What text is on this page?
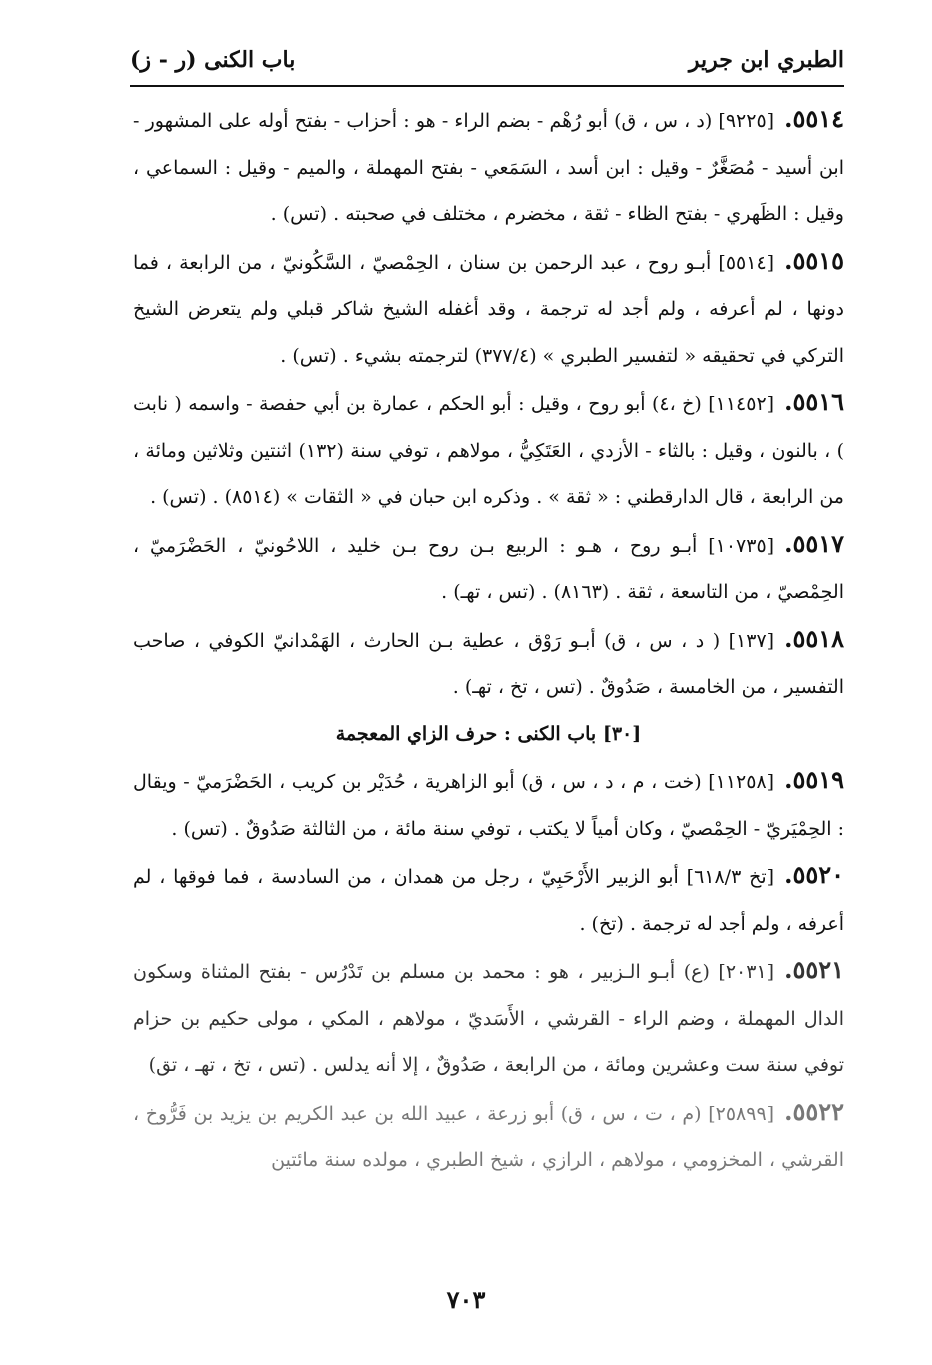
الطبري ابن جرير
باب الكنى (ر - ز)

٥٥١٤.[٩٢٢٥] (د ، س ، ق) أبو رُهْم - بضم الراء - هو : أحزاب - بفتح أوله على المشهور - ابن أسيد - مُصَغَّرٌ - وقيل : ابن أسد ، السَمَعي - بفتح المهملة ، والميم - وقيل : السماعي ، وقيل : الظَهري - بفتح الظاء - ثقة ، مخضرم ، مختلف في صحبته . (تس) .

٥٥١٥.[٥٥١٤] أبـو روح ، عبد الرحمن بن سنان ، الحِمْصيّ ، السَّكُونيّ ، من الرابعة ، فما دونها ، لم أعرفه ، ولم أجد له ترجمة ، وقد أغفله الشيخ شاكر قبلي ولم يتعرض الشيخ التركي في تحقيقه « لتفسير الطبري » (٣٧٧/٤) لترجمته بشيء . (تس) .

٥٥١٦.[١١٤٥٢] (خ ،٤) أبو روح ، وقيل : أبو الحكم ، عمارة بن أبي حفصة - واسمه ( نابت ) ، بالنون ، وقيل : بالثاء - الأزدي ، العَتَكِيُّ ، مولاهم ، توفي سنة (١٣٢) اثنتين وثلاثين ومائة ، من الرابعة ، قال الدارقطني : « ثقة » . وذكره ابن حبان في « الثقات » (٨٥١٤) . (تس) .

٥٥١٧.[١٠٧٣٥] أبـو روح ، هـو : الربيع بـن روح بـن خليد ، اللاحُونيّ ، الحَضْرَميّ ، الحِمْصيّ ، من التاسعة ، ثقة . (٨١٦٣) . (تس ، تهـ) .

٥٥١٨.[١٣٧] ( د ، س ، ق) أبـو رَوْق ، عطية بـن الحارث ، الهَمْدانيّ الكوفي ، صاحب التفسير ، من الخامسة ، صَدُوقٌ . (تس ، تخ ، تهـ) .

[٣٠] باب الكنى : حرف الزاي المعجمة

٥٥١٩.[١١٢٥٨] (خت ، م ، د ، س ، ق) أبو الزاهرية ، حُدَيْر بن كريب ، الحَضْرَميّ - ويقال : الحِمْيَريّ - الحِمْصيّ ، وكان أمياً لا يكتب ، توفي سنة مائة ، من الثالثة صَدُوقٌ . (تس) .

٥٥٢٠.[تخ ٦١٨/٣] أبو الزبير الأَرْحَبِيّ ، رجل من همدان ، من السادسة ، فما فوقها ، لم أعرفه ، ولم أجد له ترجمة . (تخ) .

٥٥٢١.[٢٠٣١] (ع) أبـو الـزبير ، هو : محمد بن مسلم بن تَدْرُس - بفتح المثناة وسكون الدال المهملة ، وضم الراء - القرشي ، الأَسَديّ ، مولاهم ، المكي ، مولى حكيم بن حزام توفي سنة ست وعشرين ومائة ، من الرابعة ، صَدُوقٌ ، إلا أنه يدلس . (تس ، تخ ، تهـ ، تق)

٥٥٢٢.[٢٥٨٩٩] (م ، ت ، س ، ق) أبو زرعة ، عبيد الله بن عبد الكريم بن يزيد بن فَرُّوخ ، القرشي ، المخزومي ، مولاهم ، الرازي ، شيخ الطبري ، مولده سنة مائتين

٧٠٣
